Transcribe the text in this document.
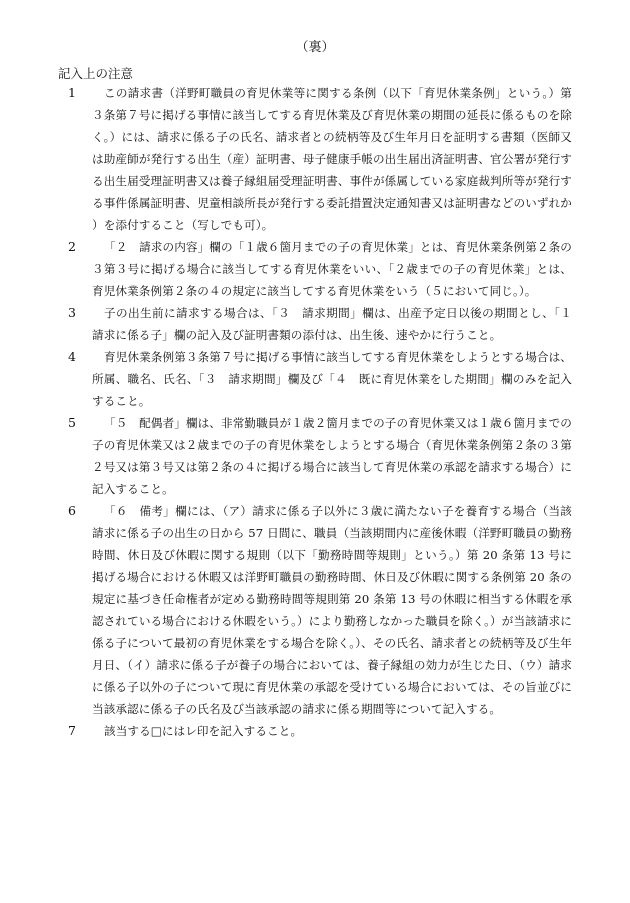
（裏）
記入上の注意
1	この請求書（洋野町職員の育児休業等に関する条例（以下「育児休業条例」という。）第３条第７号に掲げる事情に該当してする育児休業及び育児休業の期間の延長に係るものを除く。）には、請求に係る子の氏名、請求者との続柄等及び生年月日を証明する書類（医師又は助産師が発行する出生（産）証明書、母子健康手帳の出生届出済証明書、官公署が発行する出生届受理証明書又は養子縁組届受理証明書、事件が係属している家庭裁判所等が発行する事件係属証明書、児童相談所長が発行する委託措置決定通知書又は証明書などのいずれか）を添付すること（写しでも可）。
2	「２　請求の内容」欄の「１歳６箇月までの子の育児休業」とは、育児休業条例第２条の３第３号に掲げる場合に該当してする育児休業をいい、「２歳までの子の育児休業」とは、育児休業条例第２条の４の規定に該当してする育児休業をいう（５において同じ。）。
3	子の出生前に請求する場合は、「３　請求期間」欄は、出産予定日以後の期間とし、「１　請求に係る子」欄の記入及び証明書類の添付は、出生後、速やかに行うこと。
4	育児休業条例第３条第７号に掲げる事情に該当してする育児休業をしようとする場合は、所属、職名、氏名、「３　請求期間」欄及び「４　既に育児休業をした期間」欄のみを記入すること。
5	「５　配偶者」欄は、非常勤職員が１歳２箇月までの子の育児休業又は１歳６箇月までの子の育児休業又は２歳までの子の育児休業をしようとする場合（育児休業条例第２条の３第２号又は第３号又は第２条の４に掲げる場合に該当して育児休業の承認を請求する場合）に記入すること。
6	「６　備考」欄には、（ア）請求に係る子以外に３歳に満たない子を養育する場合（当該請求に係る子の出生の日から 57 日間に、職員（当該期間内に産後休暇（洋野町職員の勤務時間、休日及び休暇に関する規則（以下「勤務時間等規則」という。）第 20 条第 13 号に掲げる場合における休暇又は洋野町職員の勤務時間、休日及び休暇に関する条例第 20 条の規定に基づき任命権者が定める勤務時間等規則第 20 条第 13 号の休暇に相当する休暇を承認されている場合における休暇をいう。）により勤務しなかった職員を除く。）が当該請求に係る子について最初の育児休業をする場合を除く。）、その氏名、請求者との続柄等及び生年月日、（イ）請求に係る子が養子の場合においては、養子縁組の効力が生じた日、（ウ）請求に係る子以外の子について現に育児休業の承認を受けている場合においては、その旨並びに当該承認に係る子の氏名及び当該承認の請求に係る期間等について記入する。
7	該当する□にはレ印を記入すること。
